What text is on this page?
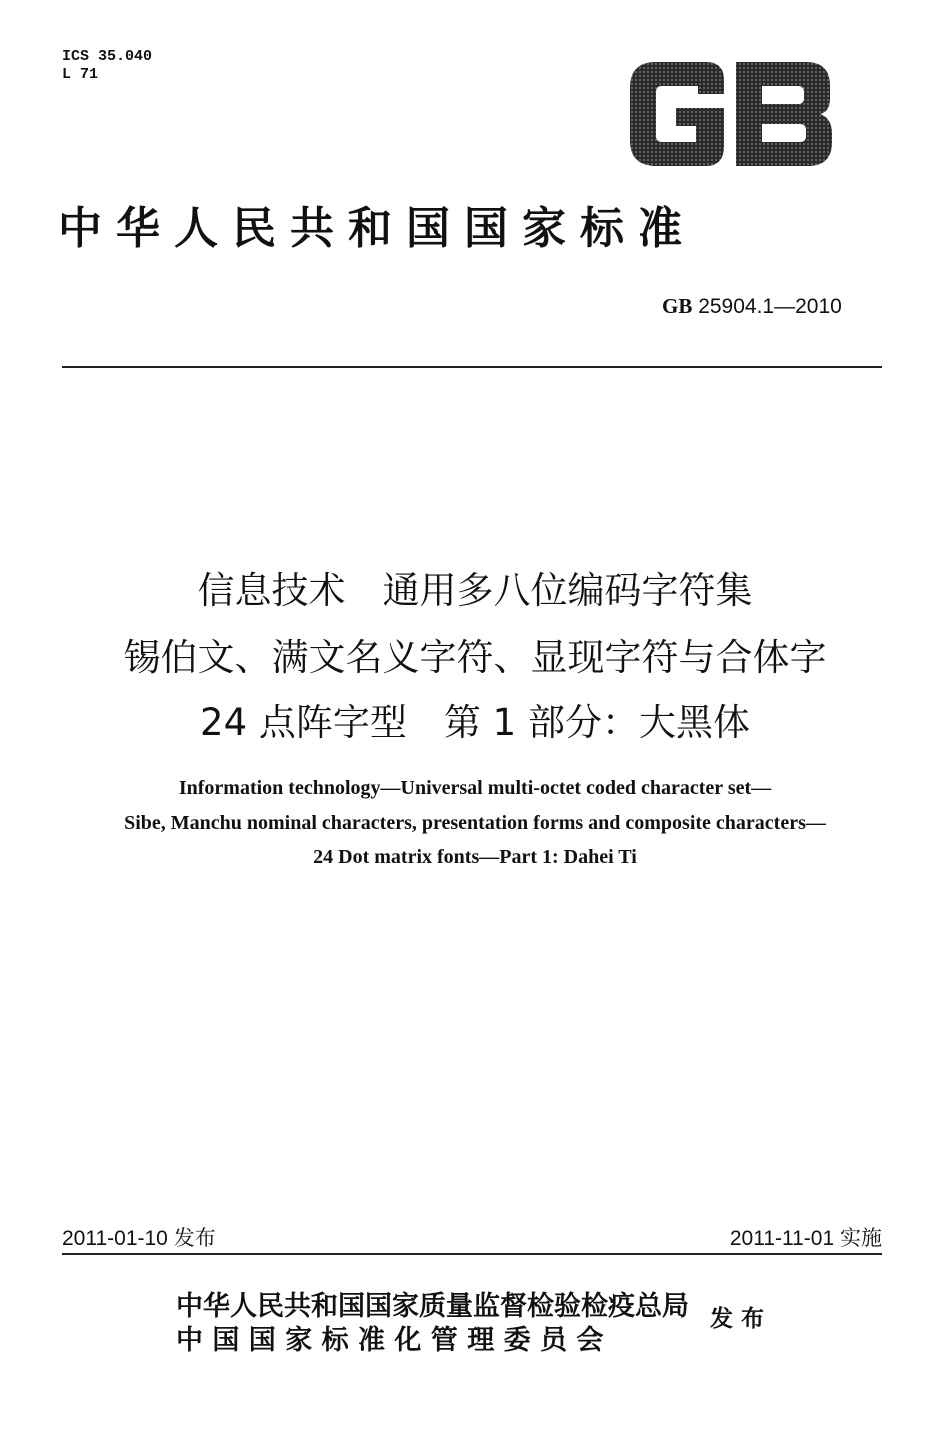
ICS 35.040
L 71
中华人民共和国国家标准
GB 25904.1—2010
信息技术　通用多八位编码字符集
锡伯文、满文名义字符、显现字符与合体字
24 点阵字型　第 1 部分：大黑体
Information technology—Universal multi-octet coded character set—
Sibe, Manchu nominal characters, presentation forms and composite characters—
24 Dot matrix fonts—Part 1: Dahei Ti
2011-01-10 发布	2011-11-01 实施
中华人民共和国国家质量监督检验检疫总局
中 国 国 家 标 准 化 管 理 委 员 会
发布
